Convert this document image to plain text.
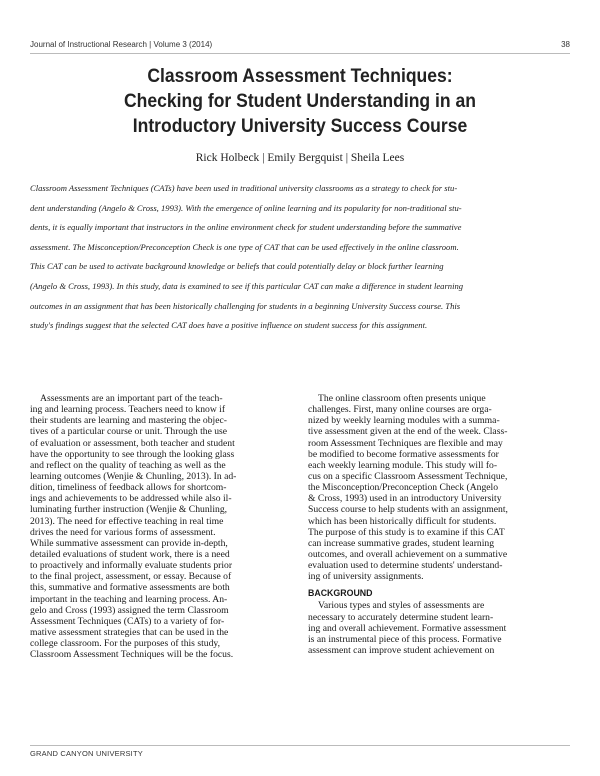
Journal of Instructional Research | Volume 3 (2014)	38
Classroom Assessment Techniques:
Checking for Student Understanding in an
Introductory University Success Course
Rick Holbeck | Emily Bergquist | Sheila Lees
Classroom Assessment Techniques (CATs) have been used in traditional university classrooms as a strategy to check for stu-
dent understanding (Angelo & Cross, 1993). With the emergence of online learning and its popularity for non-traditional stu-
dents, it is equally important that instructors in the online environment check for student understanding before the summative
assessment. The Misconception/Preconception Check is one type of CAT that can be used effectively in the online classroom.
This CAT can be used to activate background knowledge or beliefs that could potentially delay or block further learning
(Angelo & Cross, 1993). In this study, data is examined to see if this particular CAT can make a difference in student learning
outcomes in an assignment that has been historically challenging for students in a beginning University Success course. This
study's findings suggest that the selected CAT does have a positive influence on student success for this assignment.
Assessments are an important part of the teach-
ing and learning process. Teachers need to know if
their students are learning and mastering the objec-
tives of a particular course or unit. Through the use
of evaluation or assessment, both teacher and student
have the opportunity to see through the looking glass
and reflect on the quality of teaching as well as the
learning outcomes (Wenjie & Chunling, 2013). In ad-
dition, timeliness of feedback allows for shortcom-
ings and achievements to be addressed while also il-
luminating further instruction (Wenjie & Chunling,
2013). The need for effective teaching in real time
drives the need for various forms of assessment.
While summative assessment can provide in-depth,
detailed evaluations of student work, there is a need
to proactively and informally evaluate students prior
to the final project, assessment, or essay. Because of
this, summative and formative assessments are both
important in the teaching and learning process. An-
gelo and Cross (1993) assigned the term Classroom
Assessment Techniques (CATs) to a variety of for-
mative assessment strategies that can be used in the
college classroom. For the purposes of this study,
Classroom Assessment Techniques will be the focus.
The online classroom often presents unique
challenges. First, many online courses are orga-
nized by weekly learning modules with a summa-
tive assessment given at the end of the week. Class-
room Assessment Techniques are flexible and may
be modified to become formative assessments for
each weekly learning module. This study will fo-
cus on a specific Classroom Assessment Technique,
the Misconception/Preconception Check (Angelo
& Cross, 1993) used in an introductory University
Success course to help students with an assignment,
which has been historically difficult for students.
The purpose of this study is to examine if this CAT
can increase summative grades, student learning
outcomes, and overall achievement on a summative
evaluation used to determine students' understand-
ing of university assignments.
BACKGROUND
Various types and styles of assessments are
necessary to accurately determine student learn-
ing and overall achievement. Formative assessment
is an instrumental piece of this process. Formative
assessment can improve student achievement on
GRAND CANYON UNIVERSITY
